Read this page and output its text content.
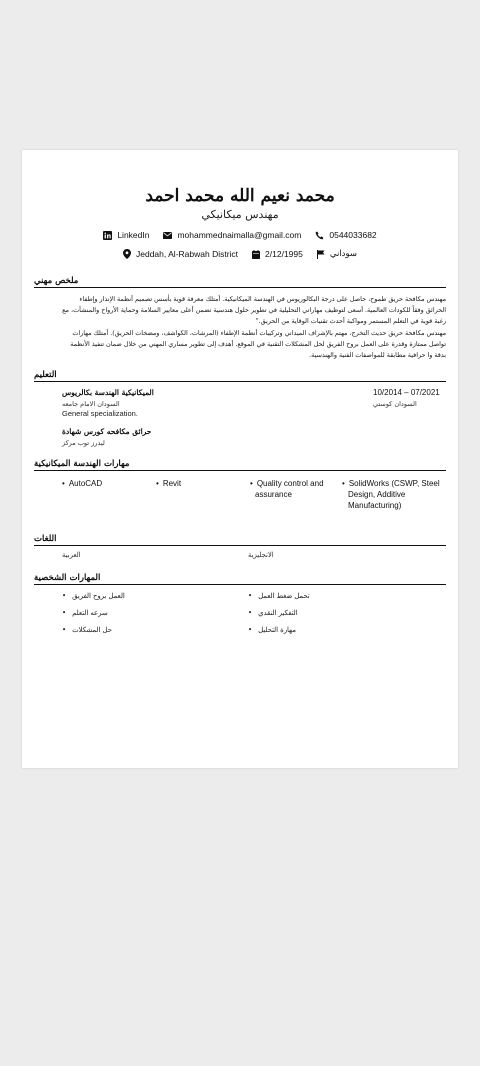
محمد نعيم الله محمد احمد
مهندس ميكانيكي
LinkedIn	mohammednaimalla@gmail.com	0544033682
Jeddah, Al-Rabwah District	2/12/1995	سوداني
ملخص مهني

مهندس مكافحة حريق طموح، حاصل على درجة البكالوريوس في الهندسة الميكانيكية. أمتلك معرفة قوية بأسس تصميم أنظمة الإنذار وإطفاء الحرائق وفقاً للكودات العالمية. أسعى لتوظيف مهاراتي التحليلية في تطوير حلول هندسية تضمن أعلى معايير السلامة وحماية الأرواح والمنشآت، مع رغبة قوية في التعلم المستمر ومواكبة أحدث تقنيات الوقاية من الحريق."

مهندس مكافحة حريق حديث التخرج، مهتم بالإشراف الميداني وتركيبات أنظمة الإطفاء (المرشات، الكواشف، ومضخات الحريق). أمتلك مهارات تواصل ممتازة وقدرة على العمل بروح الفريق لحل المشكلات التقنية في الموقع. أهدف إلى تطوير مساري المهني من خلال ضمان تنفيذ الأنظمة بدقة وا حرافية مطابقة للمواصفات الفنية والهندسية.

التعليم
10/2014 – 07/2021
السودان كوستي
الميكانيكية الهندسة بكالريوس
السودان الامام جامعه
General specialization.
حرائق مكافحه كورس شهادة
ليدرز توب مركز
مهارات الهندسة الميكانيكية
• AutoCAD	• Revit	• Quality control and assurance
• SolidWorks (CSWP, Steel Design, Additive Manufacturing)
اللغات
العربية	الانجليزية
المهارات الشخصية
• العمل بروح الفريق	• تحمل ضغط العمل
• سرعه التعلم	• التفكير النقدي
• حل المشكلات	• مهارة التحليل
